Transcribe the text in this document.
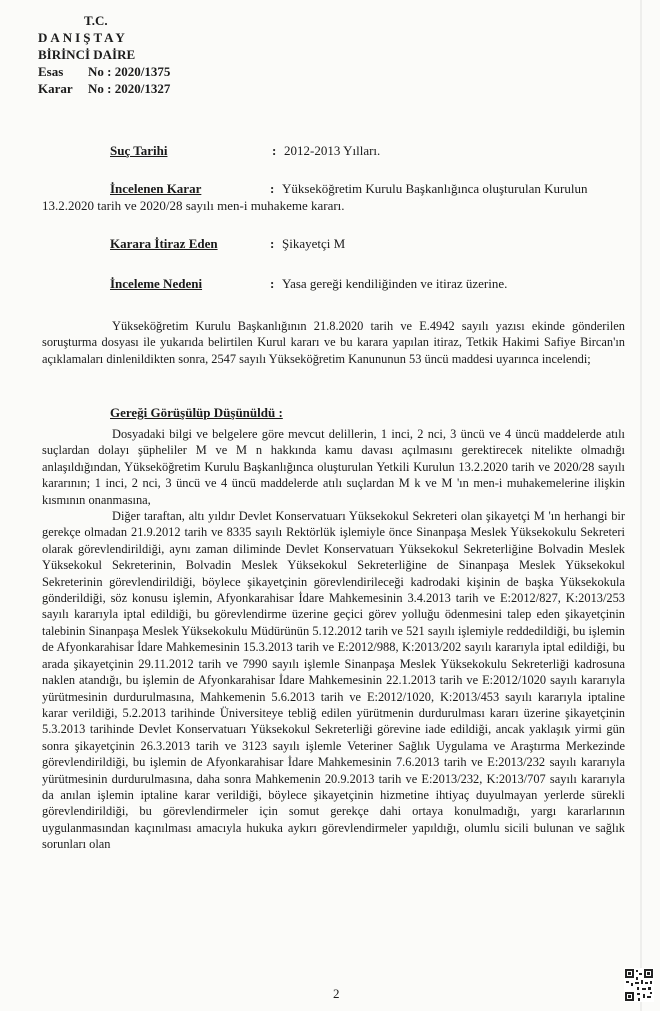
T.C.
DANIŞTAY
BİRİNCİ DAİRE
Esas No : 2020/1375
Karar No : 2020/1327
Suç Tarihi	: 2012-2013 Yılları.
İncelenen Karar	: Yükseköğretim Kurulu Başkanlığınca oluşturulan Kurulun
13.2.2020 tarih ve 2020/28 sayılı men-i muhakeme kararı.
Karara İtiraz Eden	: Şikayetçi M
İnceleme Nedeni	: Yasa gereği kendiliğinden ve itiraz üzerine.

Yükseköğretim Kurulu Başkanlığının 21.8.2020 tarih ve E.4942 sayılı yazısı ekinde gönderilen soruşturma dosyası ile yukarıda belirtilen Kurul kararı ve bu karara yapılan itiraz, Tetkik Hakimi Safiye Bircan'ın açıklamaları dinlenildikten sonra, 2547 sayılı Yükseköğretim Kanununun 53 üncü maddesi uyarınca incelendi;

Gereği Görüşülüp Düşünüldü :

Dosyadaki bilgi ve belgelere göre mevcut delillerin, 1 inci, 2 nci, 3 üncü ve 4 üncü maddelerde atılı suçlardan dolayı şüpheliler M ve M n hakkında kamu davası açılmasını gerektirecek nitelikte olmadığı anlaşıldığından, Yükseköğretim Kurulu Başkanlığınca oluşturulan Yetkili Kurulun 13.2.2020 tarih ve 2020/28 sayılı kararının; 1 inci, 2 nci, 3 üncü ve 4 üncü maddelerde atılı suçlardan M k ve M 'ın men-i muhakemelerine ilişkin kısmının onanmasına,

Diğer taraftan, altı yıldır Devlet Konservatuarı Yüksekokul Sekreteri olan şikayetçi M 'ın herhangi bir gerekçe olmadan 21.9.2012 tarih ve 8335 sayılı Rektörlük işlemiyle önce Sinanpaşa Meslek Yüksekokulu Sekreteri olarak görevlendirildiği, aynı zaman diliminde Devlet Konservatuarı Yüksekokul Sekreterliğine Bolvadin Meslek Yüksekokul Sekreterinin, Bolvadin Meslek Yüksekokul Sekreterliğine de Sinanpaşa Meslek Yüksekokul Sekreterinin görevlendirildiği, böylece şikayetçinin görevlendirileceği kadrodaki kişinin de başka Yüksekokula gönderildiği, söz konusu işlemin, Afyonkarahisar İdare Mahkemesinin 3.4.2013 tarih ve E:2012/827, K:2013/253 sayılı kararıyla iptal edildiği, bu görevlendirme üzerine geçici görev yolluğu ödenmesini talep eden şikayetçinin talebinin Sinanpaşa Meslek Yüksekokulu Müdürünün 5.12.2012 tarih ve 521 sayılı işlemiyle reddedildiği, bu işlemin de Afyonkarahisar İdare Mahkemesinin 15.3.2013 tarih ve E:2012/988, K:2013/202 sayılı kararıyla iptal edildiği, bu arada şikayetçinin 29.11.2012 tarih ve 7990 sayılı işlemle Sinanpaşa Meslek Yüksekokulu Sekreterliği kadrosuna naklen atandığı, bu işlemin de Afyonkarahisar İdare Mahkemesinin 22.1.2013 tarih ve E:2012/1020 sayılı kararıyla yürütmesinin durdurulmasına, Mahkemenin 5.6.2013 tarih ve E:2012/1020, K:2013/453 sayılı kararıyla iptaline karar verildiği, 5.2.2013 tarihinde Üniversiteye tebliğ edilen yürütmenin durdurulması kararı üzerine şikayetçinin 5.3.2013 tarihinde Devlet Konservatuarı Yüksekokul Sekreterliği görevine iade edildiği, ancak yaklaşık yirmi gün sonra şikayetçinin 26.3.2013 tarih ve 3123 sayılı işlemle Veteriner Sağlık Uygulama ve Araştırma Merkezinde görevlendirildiği, bu işlemin de Afyonkarahisar İdare Mahkemesinin 7.6.2013 tarih ve E:2013/232 sayılı kararıyla yürütmesinin durdurulmasına, daha sonra Mahkemenin 20.9.2013 tarih ve E:2013/232, K:2013/707 sayılı kararıyla da anılan işlemin iptaline karar verildiği, böylece şikayetçinin hizmetine ihtiyaç duyulmayan yerlerde sürekli görevlendirildiği, bu görevlendirmeler için somut gerekçe dahi ortaya konulmadığı, yargı kararlarının uygulanmasından kaçınılması amacıyla hukuka aykırı görevlendirmeler yapıldığı, olumlu sicili bulunan ve sağlık sorunları olan

2
